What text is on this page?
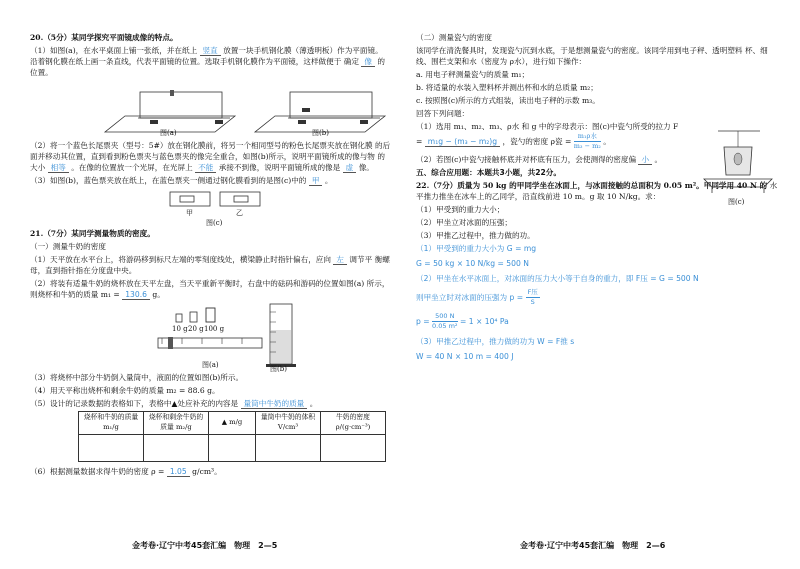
20.（5分）某同学探究平面镜成像的特点。

（1）如图(a)，在水平桌面上铺一张纸，并在纸上 竖直 放置一块手机钢化膜（薄透明板）作为平面镜。 沿着钢化膜在纸上画一条直线，代表平面镜的位置。选取手机钢化膜作为平面镜，这样做便于 确定 像 的位置。

图(a)	图(b)

（2）将一个蓝色长尾票夹（型号：5#）放在钢化膜前，将另一个相同型号的粉色长尾票夹放在钢化膜 的后面并移动其位置，直到看到粉色票夹与蓝色票夹的像完全重合，如图(b)所示，说明平面镜所成的像与物 的大小 相等 。在像的位置放一个光屏，在光屏上 不能 承接不到像，说明平面镜所成的像是 虚 像。

（3）如图(b)，蓝色票夹放在纸上，在蓝色票夹一侧通过钢化膜看到的是图(c)中的 甲 。

甲	乙
图(c)

21.（7分）某同学测量物质的密度。

（一）测量牛奶的密度

（1）天平放在水平台上，将游码移到标尺左端的零刻度线处，横梁静止时指针偏右，应向 左 调节平 衡螺母，直到指针指在分度盘中央。

（2）将装有适量牛奶的烧杯放在天平左盘，当天平重新平衡时，右盘中的砝码和游码的位置如图(a) 所示，则烧杯和牛奶的质量 m₁ = 130.6 g。

10 g 20 g 100 g
图(a)	图(b)

（3）将烧杯中部分牛奶倒入量筒中，液面的位置如图(b)所示。

（4）用天平称出烧杯和剩余牛奶的质量 m₂ = 88.6 g。

（5）设计的记录数据的表格如下，表格中▲处应补充的内容是 量筒中牛奶的质量 。

烧杯和牛奶的质量 m₁/g	烧杯和剩余牛奶的质量 m₂/g	▲ m/g	量筒中牛奶的体积 V/cm³	牛奶的密度 ρ/(g·cm⁻³)

（6）根据测量数据求得牛奶的密度 ρ = 1.05 g/cm³。

金考卷·辽宁中考45套汇编　物理　2—5

（二）测量瓷勺的密度

该同学在清洗餐具时，发现瓷勺沉到水底，于是想测量瓷勺的密度。该同学用到电子秤、透明塑料 杯、细线、围栏支架和水（密度为 ρ水），进行如下操作：

a. 用电子秤测量瓷勺的质量 m₁；

b. 将适量的水装入塑料杯并测出杯和水的总质量 m₂；

c. 按照图(c)所示的方式组装，读出电子秤的示数 m₃。

回答下列问题：

（1）选用 m₁、m₂、m₃、ρ水 和 g 中的字母表示：图(c)中瓷勺所受的拉力 F = m₁g − (m₃ − m₂)g ，瓷勺的密度 ρ瓷 = $\frac{\text{m₁ρ水}}{\text{m₃ − m₂}}$ 。

（2）若图(c)中瓷勺接触杯底并对杯底有压力，会使测得的密度偏 小 。

图(c)

五、综合应用题：本题共3小题，共22分。

22.（7分）质量为 50 kg 的甲同学坐在冰面上，与冰面接触的总面积为 0.05 m²。甲同学用 40 N 的 水平推力推坐在冰车上的乙同学，沿直线前进 10 m。g 取 10 N/kg。求：

（1）甲受到的重力大小；

（2）甲坐立对冰面的压强；

（3）甲推乙过程中，推力做的功。

（1）甲受到的重力大小为 G = mg

G = 50 kg × 10 N/kg = 500 N

（2）甲坐在水平冰面上，对冰面的压力大小等于自身的重力，即 F压 = G = 500 N

则甲坐立时对冰面的压强为 $p = \frac{\text{F压}}{S}$

$p = \frac{500 N}{\text{0.05 m²}} = 1 \times 10^4$ Pa

（3）甲推乙过程中，推力做的功为 W = F推 s

W = 40 N × 10 m = 400 J

金考卷·辽宁中考45套汇编　物理　2—6
